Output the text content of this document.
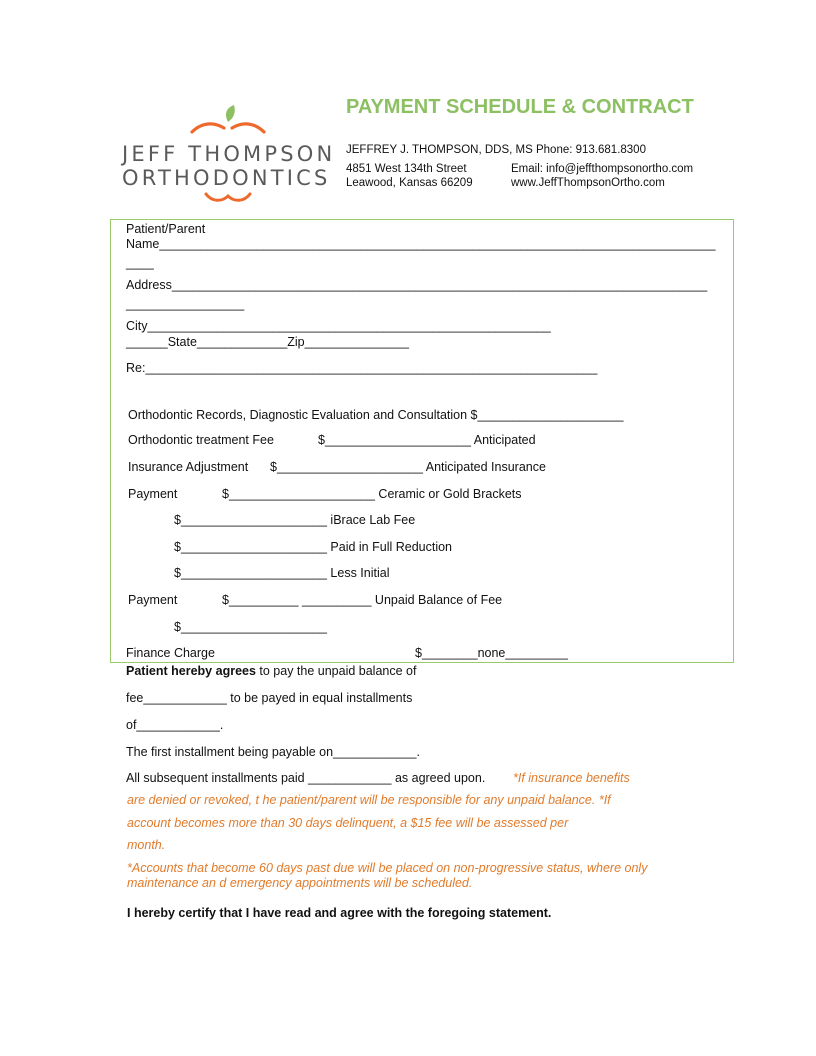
JEFF THOMPSON
ORTHODONTICS
PAYMENT SCHEDULE & CONTRACT
JEFFREY J. THOMPSON, DDS, MS Phone: 913.681.8300
4851 West 134th Street
Leawood, Kansas 66209
Email: info@jeffthompsonortho.com
www.JeffThompsonOrtho.com
Patient/Parent
Name________________________________________________________________________________
____
Address_____________________________________________________________________________
_________________
City__________________________________________________________
______State_____________Zip_______________
Re:_________________________________________________________________
Orthodontic Records, Diagnostic Evaluation and Consultation $_____________________
Orthodontic treatment Fee	$_____________________ Anticipated
Insurance Adjustment $_____________________ Anticipated Insurance
Payment	$_____________________ Ceramic or Gold Brackets
$_____________________ iBrace Lab Fee
$_____________________ Paid in Full Reduction
$_____________________ Less Initial
Payment	$__________ __________ Unpaid Balance of Fee
$_____________________
Finance Charge	$________none_________
Patient hereby agrees to pay the unpaid balance of
fee____________ to be payed in equal installments
of____________.
The first installment being payable on____________.
All subsequent installments paid ____________ as agreed upon. *If insurance benefits
are denied or revoked, t he patient/parent will be responsible for any unpaid balance. *If
account becomes more than 30 days delinquent, a $15 fee will be assessed per
month.
*Accounts that become 60 days past due will be placed on non-progressive status, where only
maintenance an d emergency appointments will be scheduled.
I hereby certify that I have read and agree with the foregoing statement.
